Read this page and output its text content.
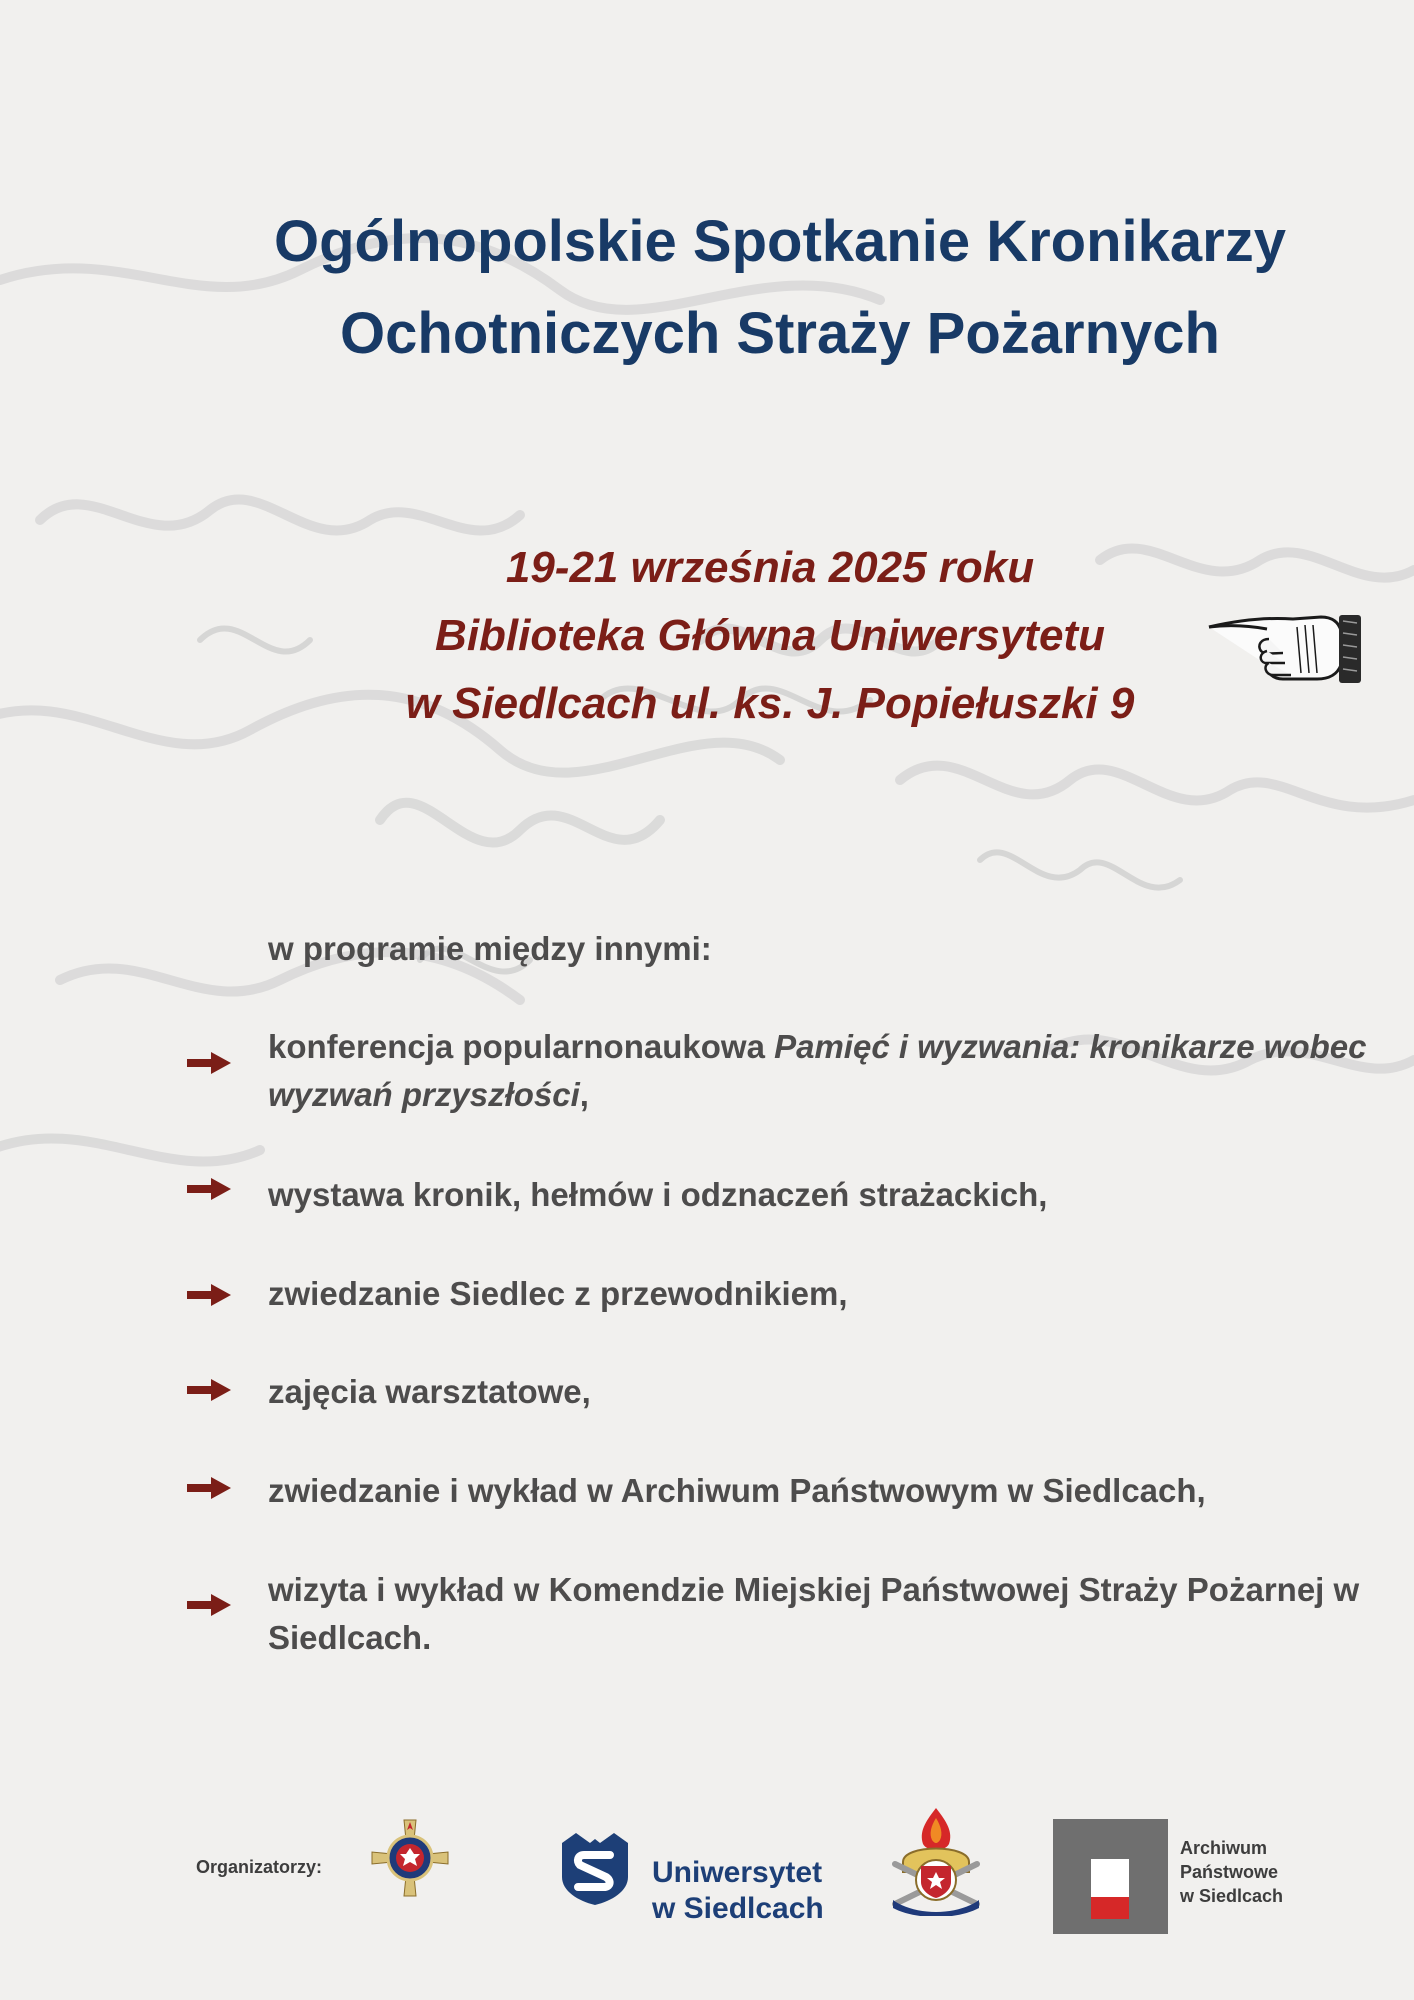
Ogólnopolskie Spotkanie Kronikarzy
Ochotniczych Straży Pożarnych
19-21 września 2025 roku
Biblioteka Główna Uniwersytetu
w Siedlcach ul. ks. J. Popiełuszki 9
w programie między innymi:
konferencja popularnonaukowa Pamięć i wyzwania: kronikarze wobec wyzwań przyszłości,
wystawa kronik, hełmów i odznaczeń strażackich,
zwiedzanie Siedlec z przewodnikiem,
zajęcia warsztatowe,
zwiedzanie i wykład w Archiwum Państwowym w Siedlcach,
wizyta i wykład w Komendzie Miejskiej Państwowej Straży Pożarnej w Siedlcach.
Organizatorzy:	Uniwersytet
w Siedlcach
Archiwum
Państwowe
w Siedlcach
